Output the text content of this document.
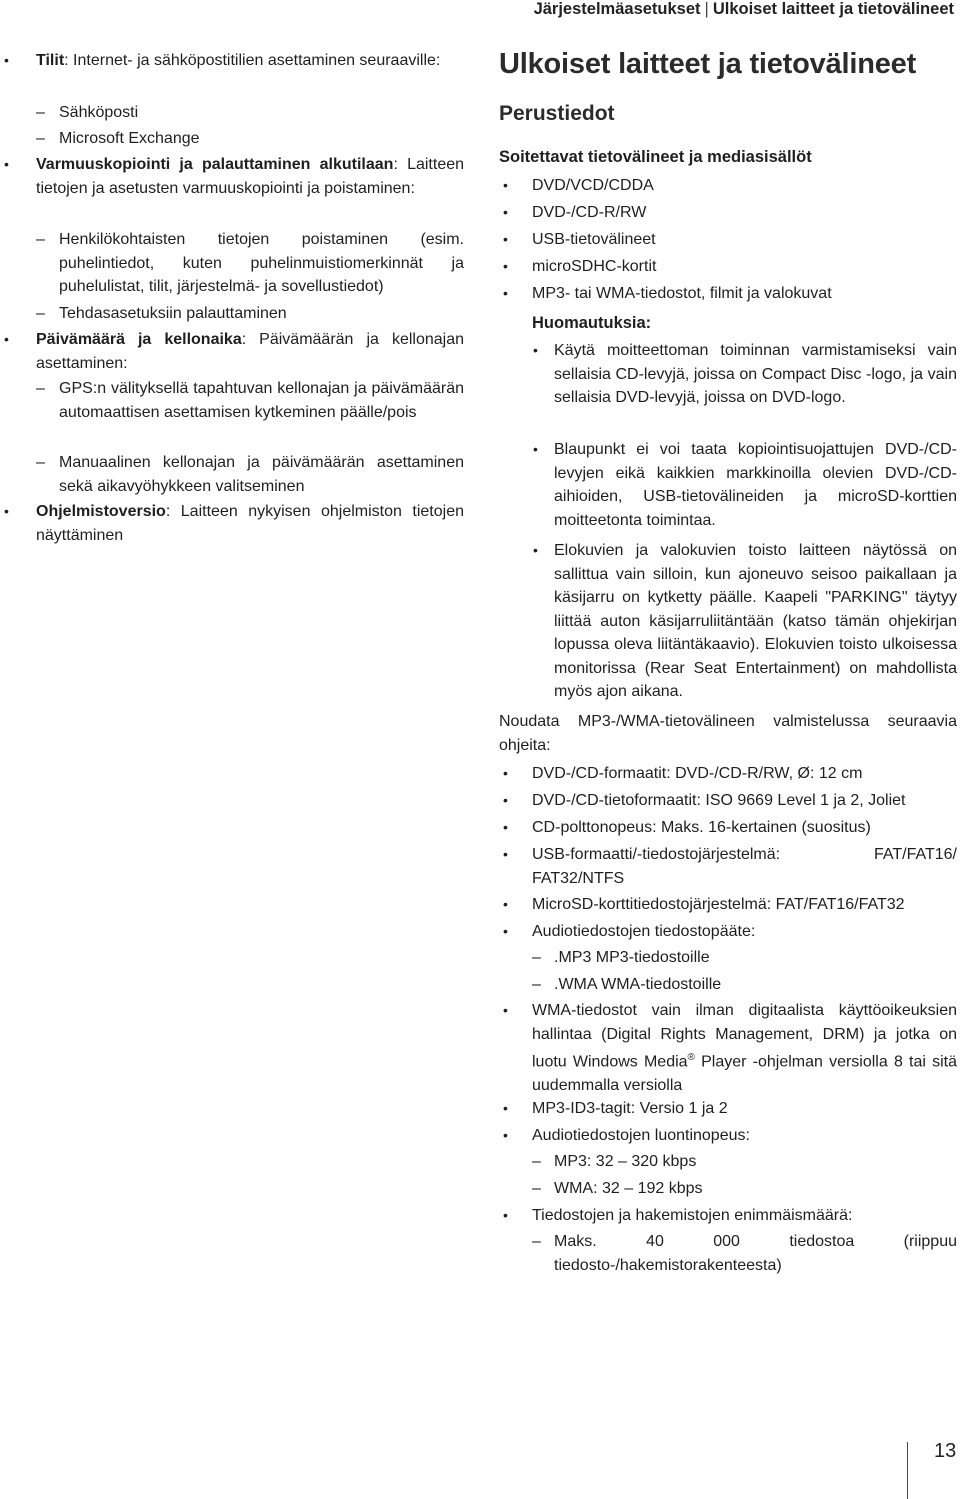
Järjestelmäasetukset | Ulkoiset laitteet ja tietovälineet
• Tilit: Internet- ja sähköpostitilien asettaminen seuraaville:
– Sähköposti
– Microsoft Exchange
• Varmuuskopiointi ja palauttaminen alkutilaan: Laitteen tietojen ja asetusten varmuuskopiointi ja poistaminen:
– Henkilökohtaisten tietojen poistaminen (esim. puhelintiedot, kuten puhelinmuistiomerkinnät ja puhelulistat, tilit, järjestelmä- ja sovellustiedot)
– Tehdasasetuksiin palauttaminen
• Päivämäärä ja kellonaika: Päivämäärän ja kellonajan asettaminen:
– GPS:n välityksellä tapahtuvan kellonajan ja päivämäärän automaattisen asettamisen kytkeminen päälle/pois
– Manuaalinen kellonajan ja päivämäärän asettaminen sekä aikavyöhykkeen valitseminen
• Ohjelmistoversio: Laitteen nykyisen ohjelmiston tietojen näyttäminen
Ulkoiset laitteet ja tietovälineet
Perustiedot
Soitettavat tietovälineet ja mediasisällöt
• DVD/VCD/CDDA
• DVD-/CD-R/RW
• USB-tietovälineet
• microSDHC-kortit
• MP3- tai WMA-tiedostot, filmit ja valokuvat
Huomautuksia:
• Käytä moitteettoman toiminnan varmistamiseksi vain sellaisia CD-levyjä, joissa on Compact Disc -logo, ja vain sellaisia DVD-levyjä, joissa on DVD-logo.
• Blaupunkt ei voi taata kopiointisuojattujen DVD-/CD-levyjen eikä kaikkien markkinoilla olevien DVD-/CD-aihioiden, USB-tietovälineiden ja microSD-korttien moitteetonta toimintaa.
• Elokuvien ja valokuvien toisto laitteen näytössä on sallittua vain silloin, kun ajoneuvo seisoo paikallaan ja käsijarru on kytketty päälle. Kaapeli "PARKING" täytyy liittää auton käsijarruliitäntään (katso tämän ohjekirjan lopussa oleva liitäntäkaavio). Elokuvien toisto ulkoisessa monitorissa (Rear Seat Entertainment) on mahdollista myös ajon aikana.
Noudata MP3-/WMA-tietovälineen valmistelussa seuraavia ohjeita:
• DVD-/CD-formaatit: DVD-/CD-R/RW, Ø: 12 cm
• DVD-/CD-tietoformaatit: ISO 9669 Level 1 ja 2, Joliet
• CD-polttonopeus: Maks. 16-kertainen (suositus)
• USB-formaatti/-tiedostojärjestelmä: FAT/FAT16/ FAT32/NTFS
• MicroSD-korttitiedostojärjestelmä: FAT/FAT16/FAT32
• Audiotiedostojen tiedostopääte:
– .MP3 MP3-tiedostoille
– .WMA WMA-tiedostoille
• WMA-tiedostot vain ilman digitaalista käyttöoikeuksien hallintaa (Digital Rights Management, DRM) ja jotka on luotu Windows Media® Player -ohjelman versiolla 8 tai sitä uudemmalla versiolla
• MP3-ID3-tagit: Versio 1 ja 2
• Audiotiedostojen luontinopeus:
– MP3: 32 – 320 kbps
– WMA: 32 – 192 kbps
• Tiedostojen ja hakemistojen enimmäismäärä:
– Maks. 40 000 tiedostoa (riippuu tiedosto-/hakemistorakenteesta)
13
